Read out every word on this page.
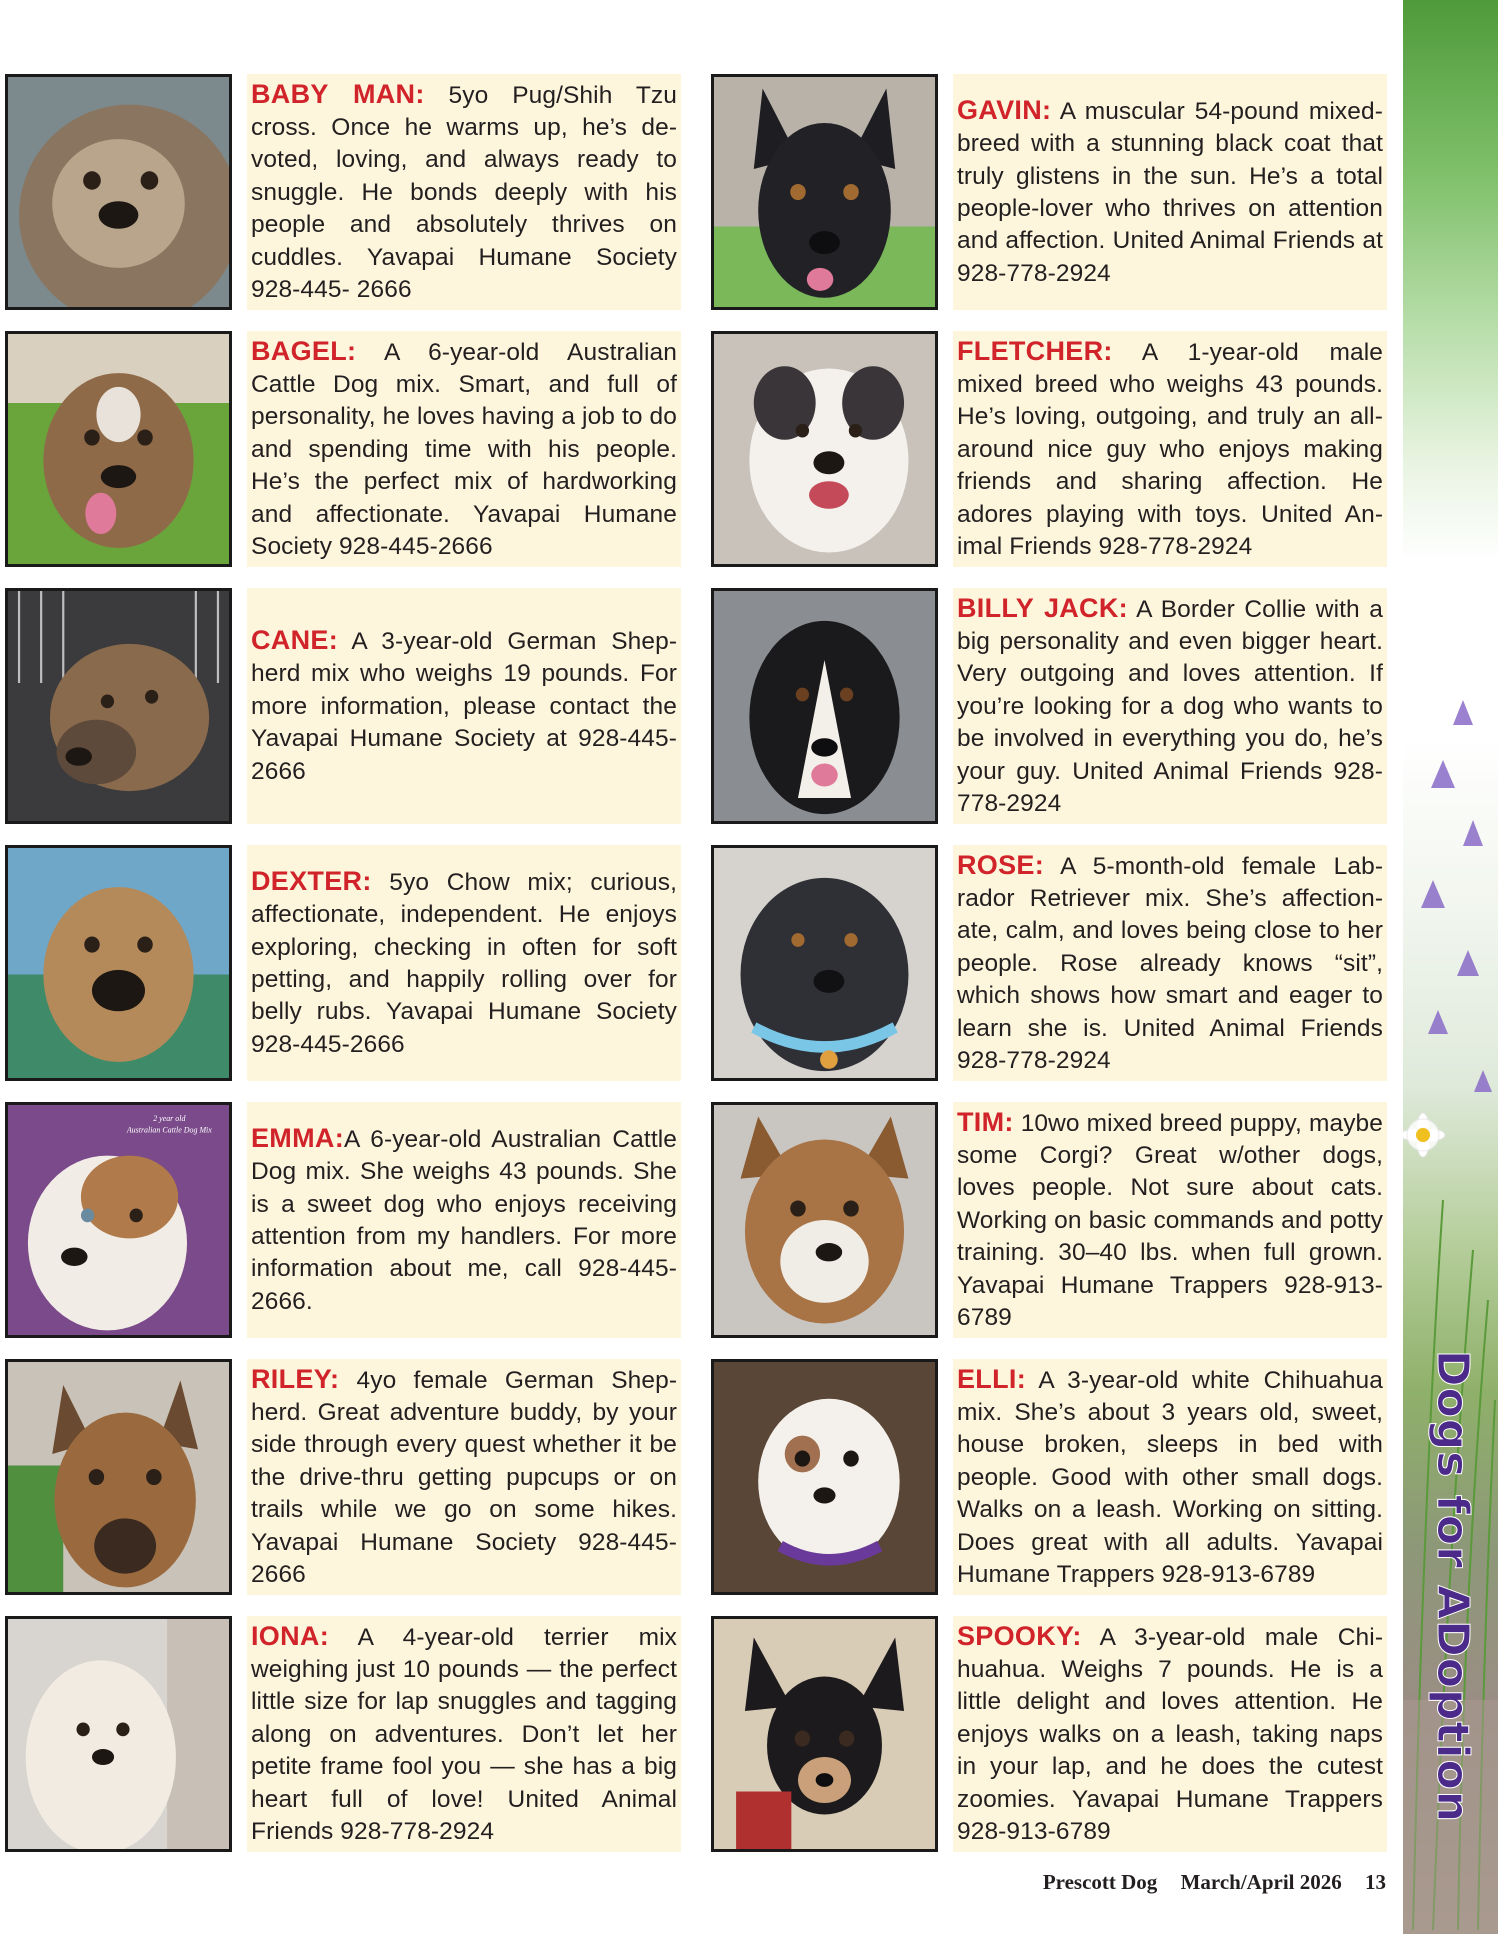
BABY MAN: 5yo Pug/Shih Tzu cross. Once he warms up, he’s devoted, loving, and always ready to snuggle. He bonds deeply with his people and absolutely thrives on cuddles. Yavapai Humane Society 928-445- 2666

BAGEL: A 6-year-old Australian Cattle Dog mix. Smart, and full of personality, he loves having a job to do and spending time with his people. He’s the perfect mix of hardworking and affectionate. Yavapai Humane Society 928-445-2666

CANE: A 3-year-old German Shepherd mix who weighs 19 pounds. For more information, please contact the Yavapai Humane Society at 928-445-2666

DEXTER: 5yo Chow mix; curious, affectionate, independent. He enjoys exploring, checking in often for soft petting, and happily rolling over for belly rubs. Yavapai Humane Society 928-445-2666

2 year old
Australian Cattle Dog Mix EMMA:A 6-year-old Australian Cattle Dog mix. She weighs 43 pounds. She is a sweet dog who enjoys receiving attention from my handlers. For more information about me, call 928-445-2666.

RILEY: 4yo female German Shepherd. Great adventure buddy, by your side through every quest whether it be the drive-thru getting pupcups or on trails while we go on some hikes. Yavapai Humane Society 928-445-2666

IONA: A 4-year-old terrier mix weighing just 10 pounds — the perfect little size for lap snuggles and tagging along on adventures. Don’t let her petite frame fool you — she has a big heart full of love! United Animal Friends 928-778-2924

GAVIN: A muscular 54-pound mixed-breed with a stunning black coat that truly glistens in the sun. He’s a total people-lover who thrives on attention and affection. United Animal Friends at 928-778-2924

FLETCHER: A 1-year-old male mixed breed who weighs 43 pounds. He’s loving, outgoing, and truly an all-around nice guy who enjoys making friends and sharing affection. He adores playing with toys. United Animal Friends 928-778-2924

BILLY JACK: A Border Collie with a big personality and even bigger heart. Very outgoing and loves attention. If you’re looking for a dog who wants to be involved in everything you do, he’s your guy. United Animal Friends 928-778-2924

ROSE: A 5-month-old female Labrador Retriever mix. She’s affectionate, calm, and loves being close to her people. Rose already knows “sit”, which shows how smart and eager to learn she is. United Animal Friends 928-778-2924

TIM: 10wo mixed breed puppy, maybe some Corgi? Great w/other dogs, loves people. Not sure about cats. Working on basic commands and potty training. 30–40 lbs. when full grown. Yavapai Humane Trappers 928-913-6789

ELLI: A 3-year-old white Chihuahua mix. She’s about 3 years old, sweet, house broken, sleeps in bed with people. Good with other small dogs. Walks on a leash. Working on sitting. Does great with all adults. Yavapai Humane Trappers 928-913-6789

SPOOKY: A 3-year-old male Chihuahua. Weighs 7 pounds. He is a little delight and loves attention. He enjoys walks on a leash, taking naps in your lap, and he does the cutest zoomies. Yavapai Humane Trappers 928-913-6789

Dogs for ADoption
Prescott Dog March/April 2026 13
